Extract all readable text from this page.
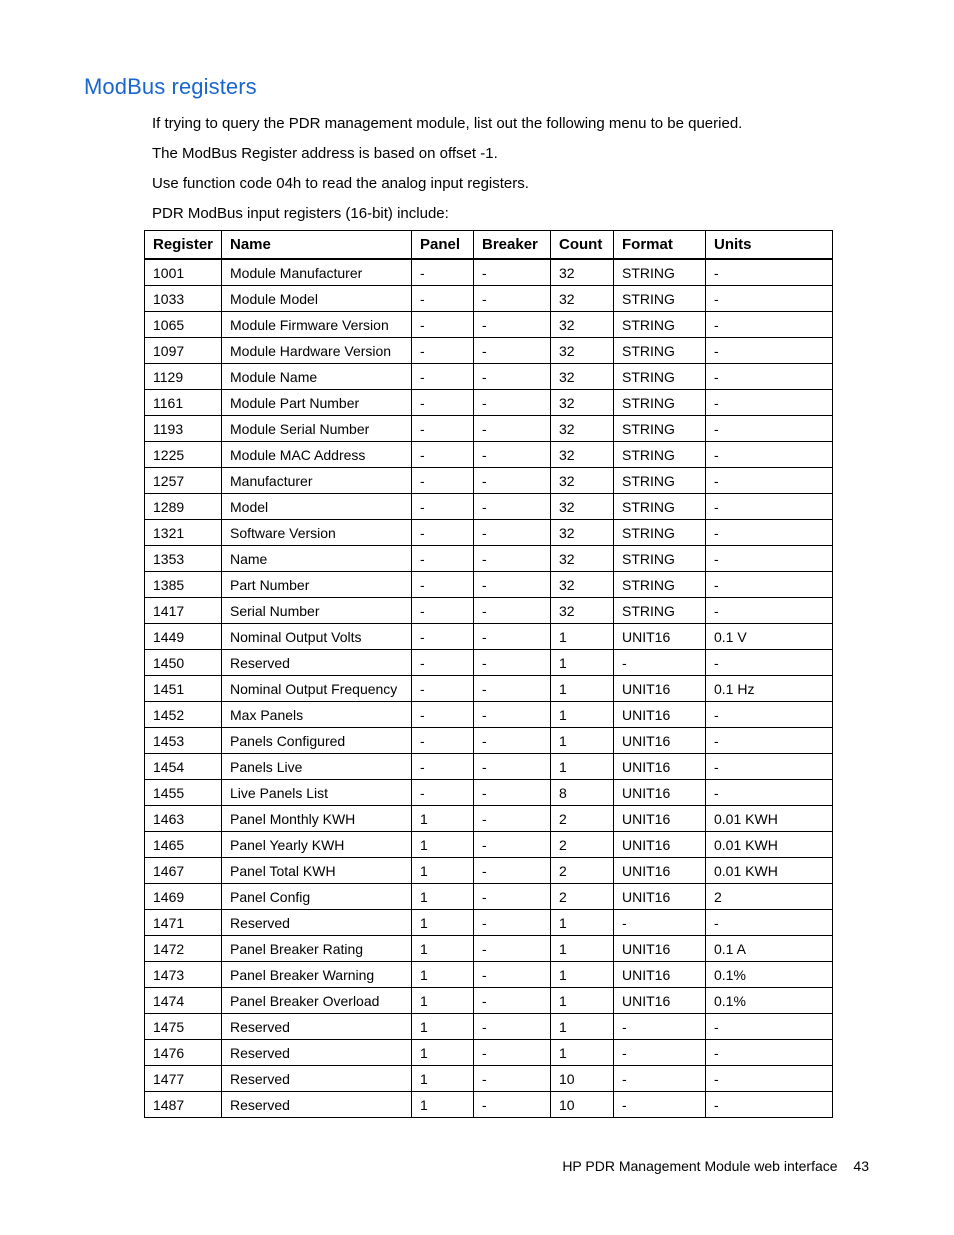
ModBus registers

If trying to query the PDR management module, list out the following menu to be queried.

The ModBus Register address is based on offset -1.

Use function code 04h to read the analog input registers.

PDR ModBus input registers (16-bit) include:

Register	Name	Panel	Breaker	Count	Format	Units
1001	Module Manufacturer	-	-	32	STRING	-
1033	Module Model	-	-	32	STRING	-
1065	Module Firmware Version	-	-	32	STRING	-
1097	Module Hardware Version	-	-	32	STRING	-
1129	Module Name	-	-	32	STRING	-
1161	Module Part Number	-	-	32	STRING	-
1193	Module Serial Number	-	-	32	STRING	-
1225	Module MAC Address	-	-	32	STRING	-
1257	Manufacturer	-	-	32	STRING	-
1289	Model	-	-	32	STRING	-
1321	Software Version	-	-	32	STRING	-
1353	Name	-	-	32	STRING	-
1385	Part Number	-	-	32	STRING	-
1417	Serial Number	-	-	32	STRING	-
1449	Nominal Output Volts	-	-	1	UNIT16	0.1 V
1450	Reserved	-	-	1	-	-
1451	Nominal Output Frequency	-	-	1	UNIT16	0.1 Hz
1452	Max Panels	-	-	1	UNIT16	-
1453	Panels Configured	-	-	1	UNIT16	-
1454	Panels Live	-	-	1	UNIT16	-
1455	Live Panels List	-	-	8	UNIT16	-
1463	Panel Monthly KWH	1	-	2	UNIT16	0.01 KWH
1465	Panel Yearly KWH	1	-	2	UNIT16	0.01 KWH
1467	Panel Total KWH	1	-	2	UNIT16	0.01 KWH
1469	Panel Config	1	-	2	UNIT16	2
1471	Reserved	1	-	1	-	-
1472	Panel Breaker Rating	1	-	1	UNIT16	0.1 A
1473	Panel Breaker Warning	1	-	1	UNIT16	0.1%
1474	Panel Breaker Overload	1	-	1	UNIT16	0.1%
1475	Reserved	1	-	1	-	-
1476	Reserved	1	-	1	-	-
1477	Reserved	1	-	10	-	-
1487	Reserved	1	-	10	-	-
HP PDR Management Module web interface 43
